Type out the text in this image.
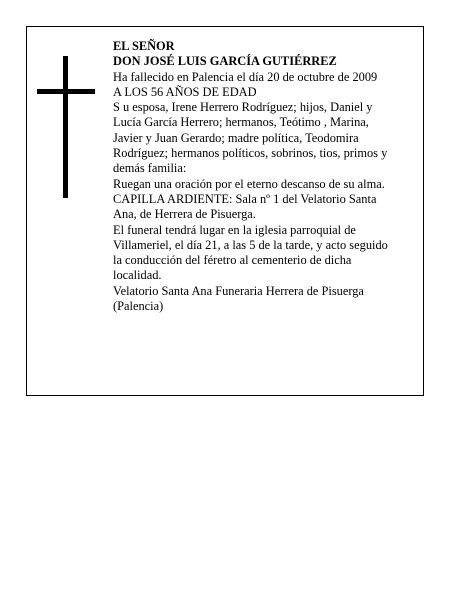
EL SEÑOR
DON JOSÉ LUIS GARCÍA GUTIÉRREZ
Ha fallecido en Palencia el día 20 de octubre de 2009
A LOS 56 AÑOS DE EDAD
S u esposa, Irene Herrero Rodríguez; hijos, Daniel y
Lucía García Herrero; hermanos, Teótimo , Marina,
Javier y Juan Gerardo; madre política, Teodomira
Rodríguez; hermanos políticos, sobrinos, tios, primos y
demás familia:
Ruegan una oración por el eterno descanso de su alma.
CAPILLA ARDIENTE: Sala nº 1 del Velatorio Santa
Ana, de Herrera de Pisuerga.
El funeral tendrá lugar en la iglesia parroquial de
Villameriel, el día 21, a las 5 de la tarde, y acto seguido
la conducción del féretro al cementerio de dicha
localidad.
Velatorio Santa Ana Funeraria Herrera de Pisuerga
(Palencia)
